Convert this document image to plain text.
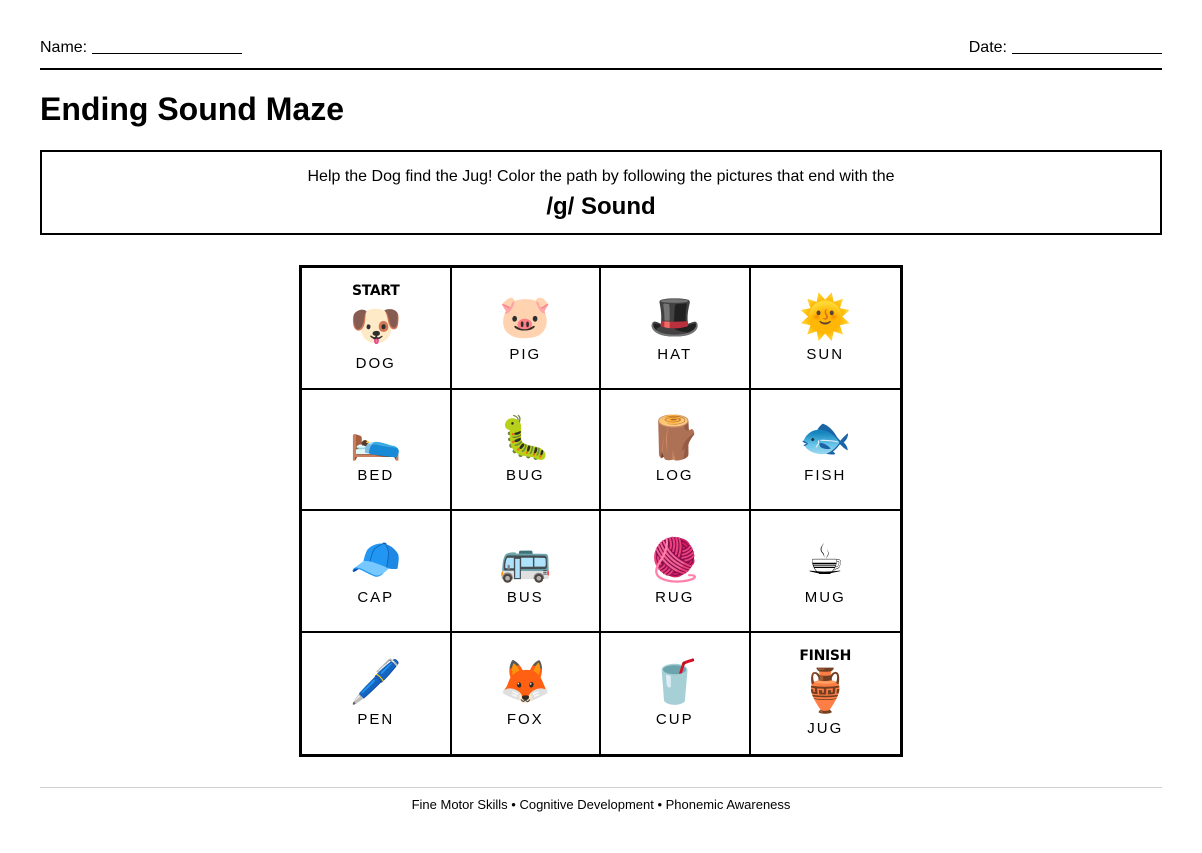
Name:	Date:
Ending Sound Maze
Help the Dog find the Jug! Color the path by following the pictures that end with the
/g/ Sound
START
🐶
DOG
🐷
PIG
🎩
HAT
🌞
SUN
🛌
BED
🐛
BUG
🪵
LOG
🐟
FISH
🧢
CAP
🚌
BUS
🧶
RUG
☕
MUG
🖊️
PEN
🦊
FOX
🥤
CUP
FINISH
🏺
JUG
Fine Motor Skills • Cognitive Development • Phonemic Awareness
